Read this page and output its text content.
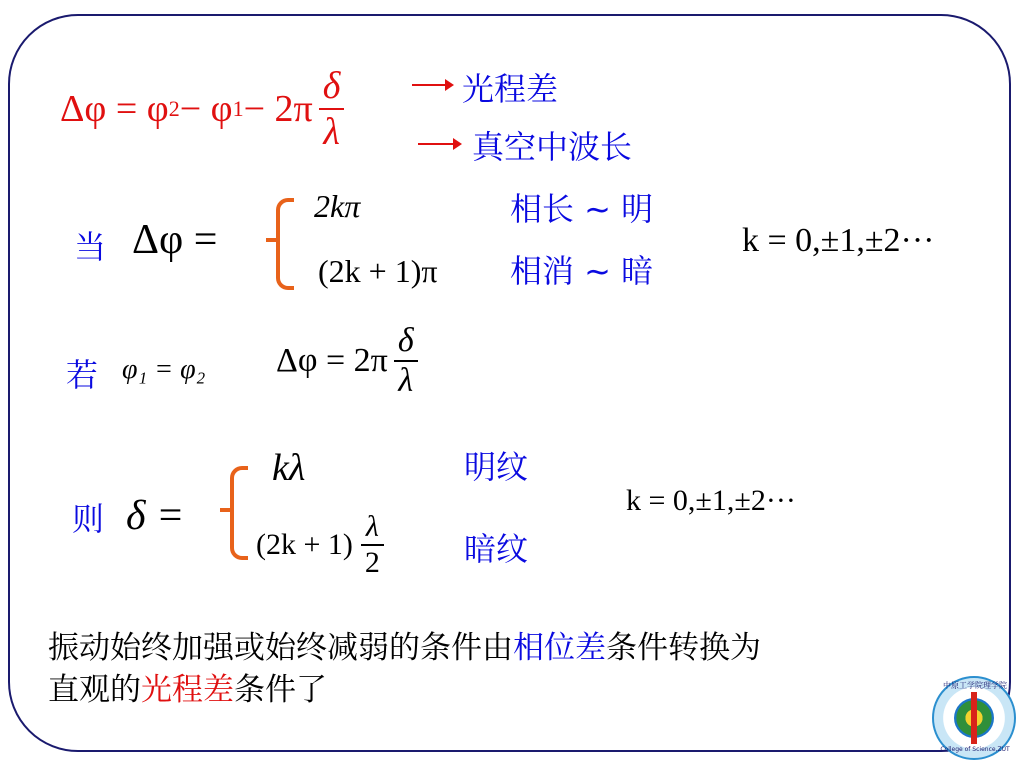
Δφ = φ 2 − φ $1 - 2\pi \frac{\delta}{\lambda}$	光程差
真空中波长
当 Δφ =
2kπ
(2k + 1)π
相长 ~ 明
相消 ~ 暗
k = 0,±1,±2···
若 φ₁ = φ₂ $\Delta\varphi = 2\pi \frac{\delta}{\lambda}$
则 δ =
kλ
$(2k + 1) \frac{\lambda}{2}$
明纹
暗纹
k = 0,±1,±2···
振动始终加强或始终减弱的条件由相位差条件转换为
直观的光程差条件了	中原工学院理学院
College of Science,ZUT
